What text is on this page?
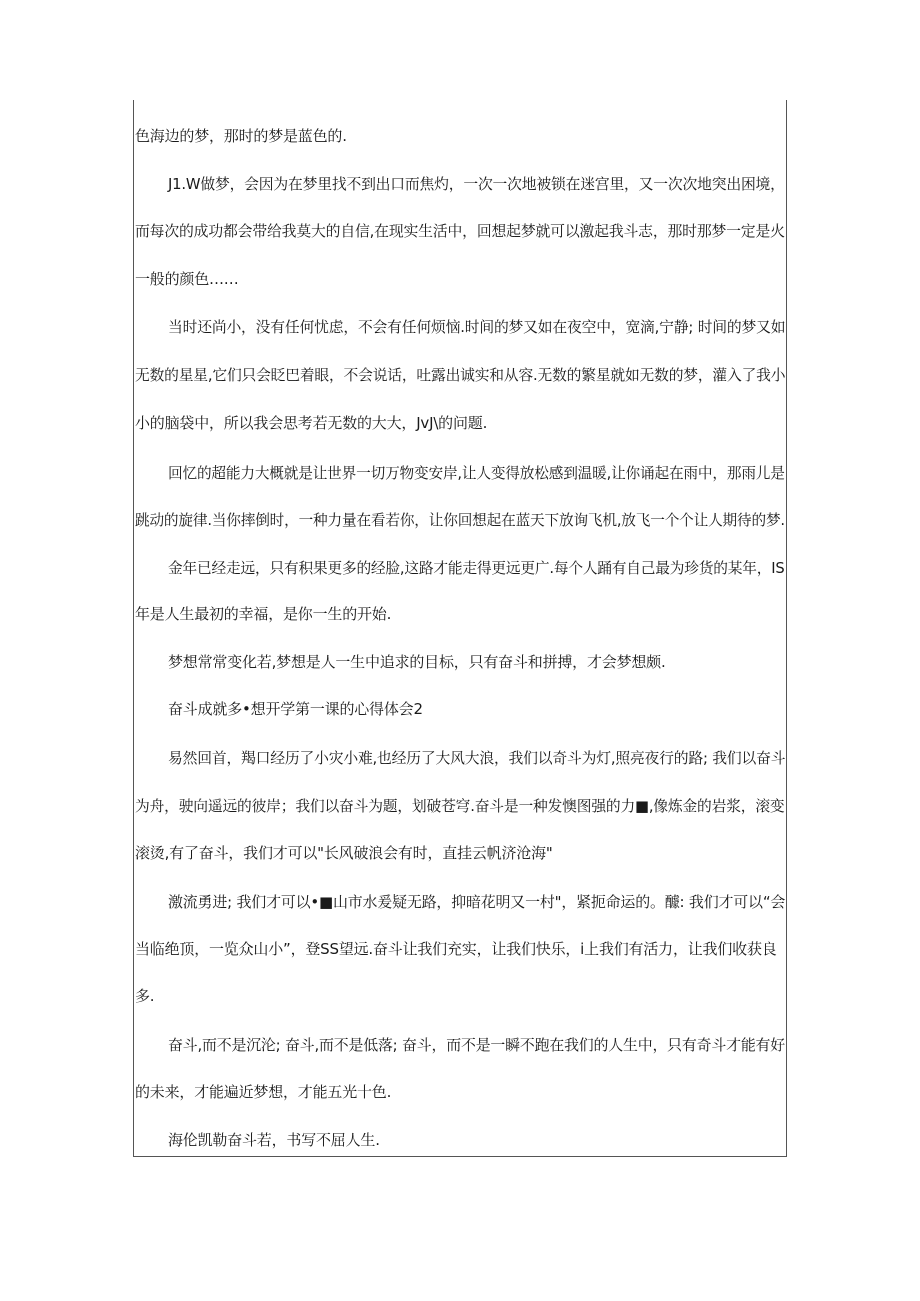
色海边的梦，那时的梦是蓝色的.
J1.W做梦，会因为在梦里找不到出口而焦灼，一次一次地被锁在迷宫里，又一次次地突出困境，
而每次的成功都会带给我莫大的自信,在现实生活中，回想起梦就可以激起我斗志，那时那梦一定是火
一般的颜色……
当时还尚小，没有任何忧虑，不会有任何烦恼.时间的梦又如在夜空中，宽滴,宁静; 时间的梦又如
无数的星星,它们只会眨巴着眼，不会说话，吐露出诚实和从容.无数的繁星就如无数的梦，灌入了我小
小的脑袋中，所以我会思考若无数的大大，JvJ\的问题.
回忆的超能力大概就是让世界一切万物变安岸,让人变得放松感到温暖,让你诵起在雨中，那雨儿是
跳动的旋律.当你摔倒时，一种力量在看若你，让你回想起在蓝天下放询飞机,放飞一个个让人期待的梦.
金年已经走远，只有积果更多的经脸,这路才能走得更远更广.每个人踊有自己最为珍货的某年，IS
年是人生最初的幸福，是你一生的开始.
梦想常常变化若,梦想是人一生中追求的目标，只有奋斗和拼搏，才会梦想颇.
奋斗成就多•想开学第一课的心得体会2
易然回首，羯口经历了小灾小难,也经历了大风大浪，我们以奇斗为灯,照亮夜行的路; 我们以奋斗
为舟，驶向遥远的彼岸；我们以奋斗为题，划破苍穹.奋斗是一种发懊图强的力■,像炼金的岩浆，滚变
滚烫,有了奋斗，我们才可以"长风破浪会有时，直挂云帆济沧海"
激流勇进; 我们才可以•■山市水爰疑无路，抑暗花明又一村"，紧扼命运的。醵: 我们才可以“会
当临绝顶，一览众山小”，登SS望远.奋斗让我们充实，让我们快乐，i上我们有活力，让我们收获良
多.
奋斗,而不是沉沦; 奋斗,而不是低落; 奋斗，而不是一瞬不跑在我们的人生中，只有奇斗才能有好
的未来，才能遍近梦想，才能五光十色.
海伦凯勒奋斗若，书写不屈人生.
